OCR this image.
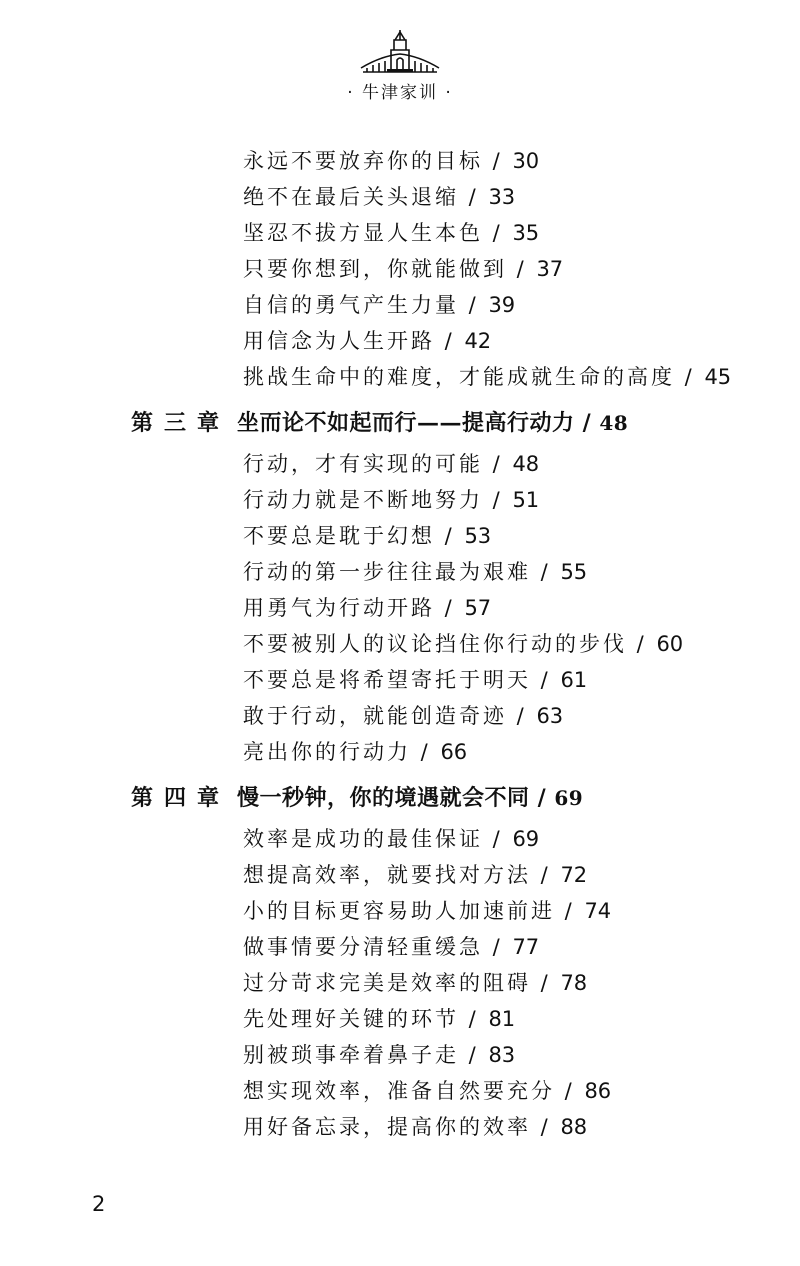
· 牛津家训 ·
永远不要放弃你的目标 / 30
绝不在最后关头退缩 / 33
坚忍不拔方显人生本色 / 35
只要你想到，你就能做到 / 37
自信的勇气产生力量 / 39
用信念为人生开路 / 42
挑战生命中的难度，才能成就生命的高度 / 45
第三章 坐而论不如起而行——提高行动力 / 48
行动，才有实现的可能 / 48
行动力就是不断地努力 / 51
不要总是耽于幻想 / 53
行动的第一步往往最为艰难 / 55
用勇气为行动开路 / 57
不要被别人的议论挡住你行动的步伐 / 60
不要总是将希望寄托于明天 / 61
敢于行动，就能创造奇迹 / 63
亮出你的行动力 / 66
第四章 慢一秒钟，你的境遇就会不同 / 69
效率是成功的最佳保证 / 69
想提高效率，就要找对方法 / 72
小的目标更容易助人加速前进 / 74
做事情要分清轻重缓急 / 77
过分苛求完美是效率的阻碍 / 78
先处理好关键的环节 / 81
别被琐事牵着鼻子走 / 83
想实现效率，准备自然要充分 / 86
用好备忘录，提高你的效率 / 88
2
